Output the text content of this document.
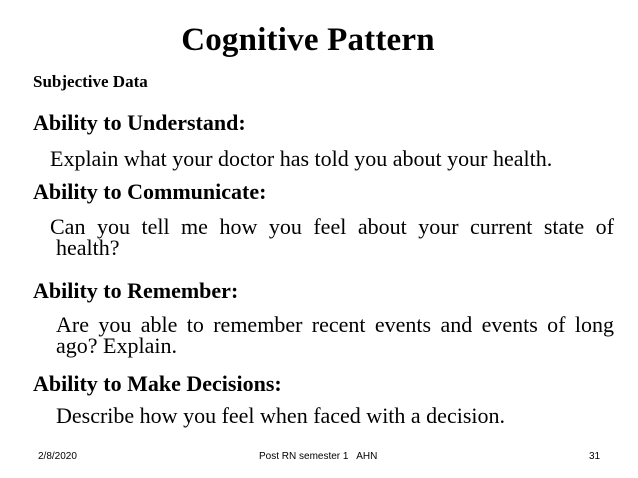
Cognitive Pattern
Subjective Data
Ability to Understand:
Explain what your doctor has told you about your health.
Ability to Communicate:
Can you tell me how you feel about your current state of health?
Ability to Remember:
Are you able to remember recent events and events of long ago? Explain.
Ability to Make Decisions:
Describe how you feel when faced with a decision.
2/8/2020	Post RN semester 1   AHN	31
